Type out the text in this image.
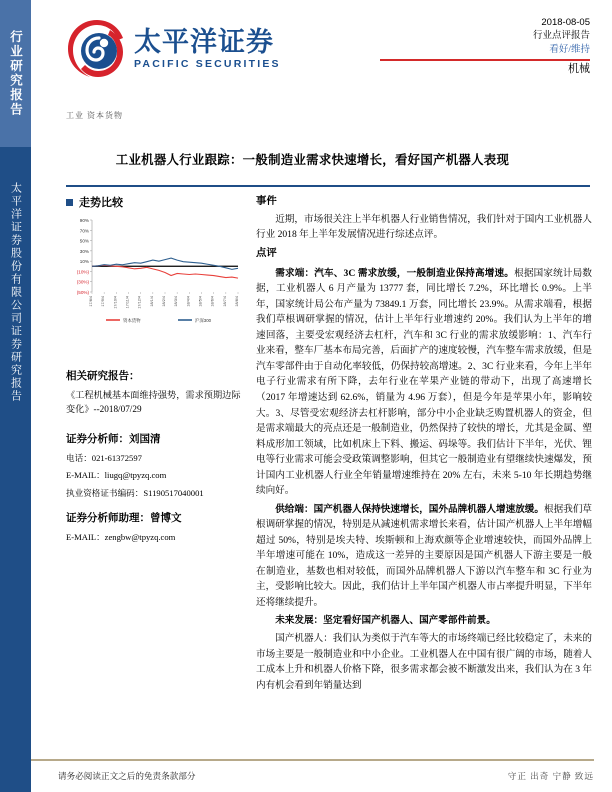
行业研究报告
太平洋证券股份有限公司证券研究报告
太平洋证券
PACIFIC SECURITIES
2018-08-05
行业点评报告
看好/维持
机械
工业 资本货物
工业机器人行业跟踪：一般制造业需求快速增长，看好国产机器人表现
走势比较
90%
70%
50%
30%
10%
(10%)
(30%)
(50%)
17/8/4 17/9/4 17/10/4 17/11/4 17/12/4 18/1/4 18/2/4 18/3/4 18/4/4 18/5/4 18/6/4 18/7/4 18/8/4
资本货物	沪深300
相关研究报告：

《工程机械基本面维持强势，需求预期边际变化》--2018/07/29

证券分析师：刘国清
电话：021-61372597
E-MAIL：liugq@tpyzq.com
执业资格证书编码：S1190517040001
证券分析师助理：曾博文
E-MAIL：zengbw@tpyzq.com
事件

近期，市场很关注上半年机器人行业销售情况，我们针对于国内工业机器人行业 2018 年上半年发展情况进行综述点评。

点评

需求端：汽车、3C 需求放缓，一般制造业保持高增速。根据国家统计局数据，工业机器人 6 月产量为 13777 套，同比增长 7.2%，环比增长 0.9%。上半年，国家统计局公布产量为 73849.1 万套，同比增长 23.9%。从需求端看，根据我们草根调研掌握的情况，估计上半年行业增速约 20%。我们认为上半年的增速回落，主要受宏观经济去杠杆，汽车和 3C 行业的需求放缓影响：1、汽车行业来看，整车厂基本布局完善，后面扩产的速度较慢，汽车整车需求放缓，但是汽车零部件由于自动化率较低，仍保持较高增速。2、3C 行业来看，今年上半年电子行业需求有所下降，去年行业在苹果产业链的带动下，出现了高速增长（2017 年增速达到 62.6%，销量为 4.96 万套），但是今年是苹果小年，影响较大。3、尽管受宏观经济去杠杆影响，部分中小企业缺乏购置机器人的资金，但是需求端最大的亮点还是一般制造业，仍然保持了较快的增长，尤其是金属、塑料成形加工领域，比如机床上下料、搬运、码垛等。我们估计下半年，光伏、锂电等行业需求可能会受政策调整影响，但其它一般制造业有望继续快速爆发，预计国内工业机器人行业全年销量增速维持在 20% 左右，未来 5-10 年长期趋势继续向好。

供给端：国产机器人保持快速增长，国外品牌机器人增速放缓。根据我们草根调研掌握的情况，特别是从减速机需求增长来看，估计国产机器人上半年增幅超过 50%，特别是埃夫特、埃斯顿和上海欢颜等企业增速较快，而国外品牌上半年增速可能在 10%，造成这一差异的主要原因是国产机器人下游主要是一般在制造业，基数也相对较低，而国外品牌机器人下游以汽车整车和 3C 行业为主，受影响比较大。因此，我们估计上半年国产机器人市占率提升明显，下半年还将继续提升。

未来发展：坚定看好国产机器人、国产零部件前景。

国产机器人：我们认为类似于汽车等大的市场终端已经比较稳定了，未来的市场主要是一般制造业和中小企业。工业机器人在中国有很广阔的市场，随着人工成本上升和机器人价格下降，很多需求都会被不断激发出来，我们认为在 3 年内有机会看到年销量达到

请务必阅读正文之后的免责条款部分	守正 出奇 宁静 致远
